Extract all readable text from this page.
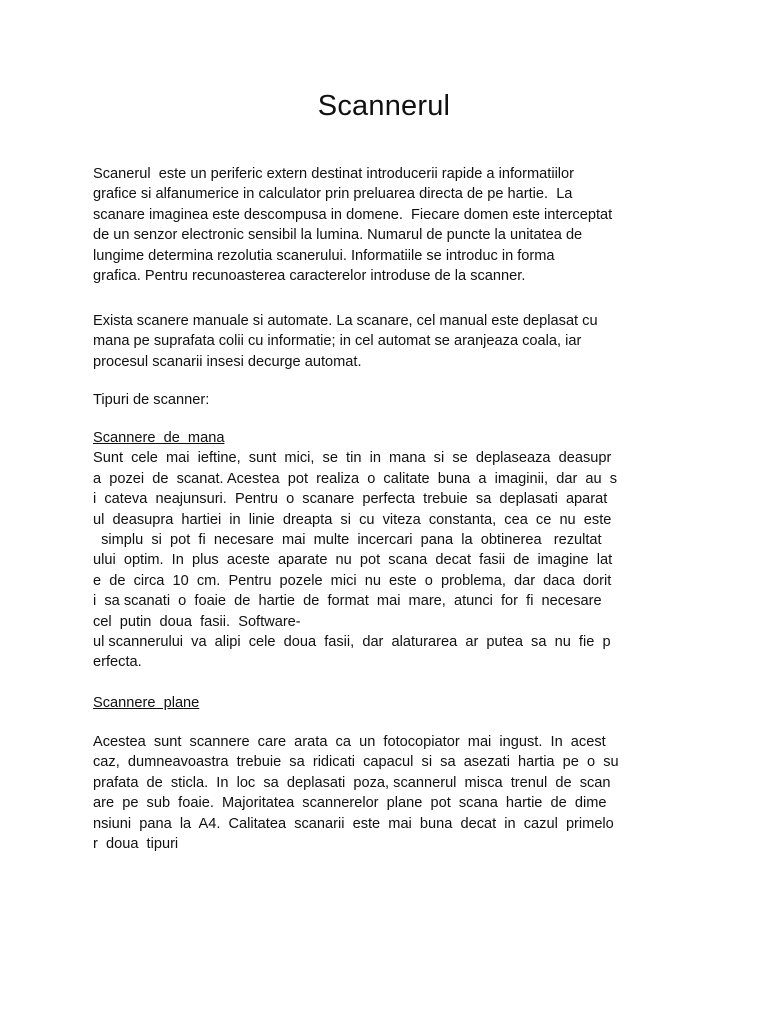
Scannerul
Scanerul  este un periferic extern destinat introducerii rapide a informatiilor
grafice si alfanumerice in calculator prin preluarea directa de pe hartie.  La
scanare imaginea este descompusa in domene.  Fiecare domen este interceptat
de un senzor electronic sensibil la lumina. Numarul de puncte la unitatea de
lungime determina rezolutia scanerului. Informatiile se introduc in forma
grafica. Pentru recunoasterea caracterelor introduse de la scanner.
Exista scanere manuale si automate. La scanare, cel manual este deplasat cu
mana pe suprafata colii cu informatie; in cel automat se aranjeaza coala, iar
procesul scanarii insesi decurge automat.
Tipuri de scanner:
Scannere  de  mana
Sunt  cele  mai  ieftine,  sunt  mici,  se  tin  in  mana  si  se  deplaseaza  deasupr
a  pozei  de  scanat. Acestea  pot  realiza  o  calitate  buna  a  imaginii,  dar  au  s
i  cateva  neajunsuri.  Pentru  o  scanare  perfecta  trebuie  sa  deplasati  aparat
ul  deasupra  hartiei  in  linie  dreapta  si  cu  viteza  constanta,  cea  ce  nu  este
simplu  si  pot  fi  necesare  mai  multe  incercari  pana  la  obtinerea   rezultat
ului  optim.  In  plus  aceste  aparate  nu  pot  scana  decat  fasii  de  imagine  lat
e  de  circa  10  cm.  Pentru  pozele  mici  nu  este  o  problema,  dar  daca  dorit
i  sa scanati  o  foaie  de  hartie  de  format  mai  mare,  atunci  for  fi  necesare
cel  putin  doua  fasii.  Software-
ul scannerului  va  alipi  cele  doua  fasii,  dar  alaturarea  ar  putea  sa  nu  fie  p
erfecta.
Scannere  plane
Acestea  sunt  scannere  care  arata  ca  un  fotocopiator  mai  ingust.  In  acest
caz,  dumneavoastra  trebuie  sa  ridicati  capacul  si  sa  asezati  hartia  pe  o  su
prafata  de  sticla.  In  loc  sa  deplasati  poza, scannerul  misca  trenul  de  scan
are  pe  sub  foaie.  Majoritatea  scannerelor  plane  pot  scana  hartie  de  dime
nsiuni  pana  la  A4.  Calitatea  scanarii  este  mai  buna  decat  in  cazul  primelo
r  doua  tipuri
